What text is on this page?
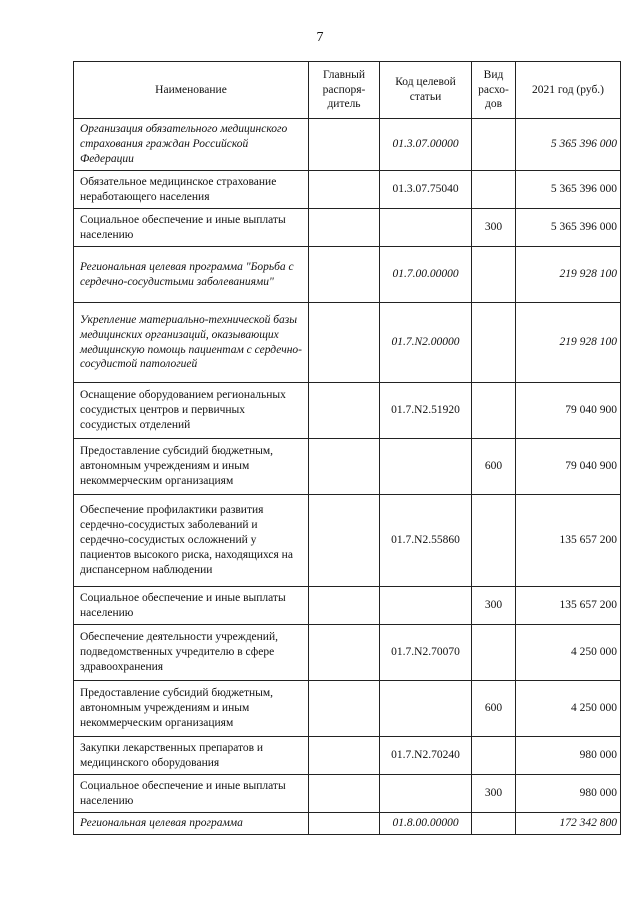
7
Наименование	Главный распоря-дитель	Код целевой статьи	Вид расхо-дов	2021 год (руб.)
Организация обязательного медицинского страхования граждан Российской Федерации		01.3.07.00000		5 365 396 000
Обязательное медицинское страхование неработающего населения		01.3.07.75040		5 365 396 000
Социальное обеспечение и иные выплаты населению			300	5 365 396 000
Региональная целевая программа "Борьба с сердечно-сосудистыми заболеваниями"		01.7.00.00000		219 928 100
Укрепление материально-технической базы медицинских организаций, оказывающих медицинскую помощь пациентам с сердечно-сосудистой патологией		01.7.N2.00000		219 928 100
Оснащение оборудованием региональных сосудистых центров и первичных сосудистых отделений		01.7.N2.51920		79 040 900
Предоставление субсидий бюджетным, автономным учреждениям и иным некоммерческим организациям			600	79 040 900
Обеспечение профилактики развития сердечно-сосудистых заболеваний и сердечно-сосудистых осложнений у пациентов высокого риска, находящихся на диспансерном наблюдении		01.7.N2.55860		135 657 200
Социальное обеспечение и иные выплаты населению			300	135 657 200
Обеспечение деятельности учреждений, подведомственных учредителю в сфере здравоохранения		01.7.N2.70070		4 250 000
Предоставление субсидий бюджетным, автономным учреждениям и иным некоммерческим организациям			600	4 250 000
Закупки лекарственных препаратов и медицинского оборудования		01.7.N2.70240		980 000
Социальное обеспечение и иные выплаты населению			300	980 000
Региональная целевая программа		01.8.00.00000		172 342 800
